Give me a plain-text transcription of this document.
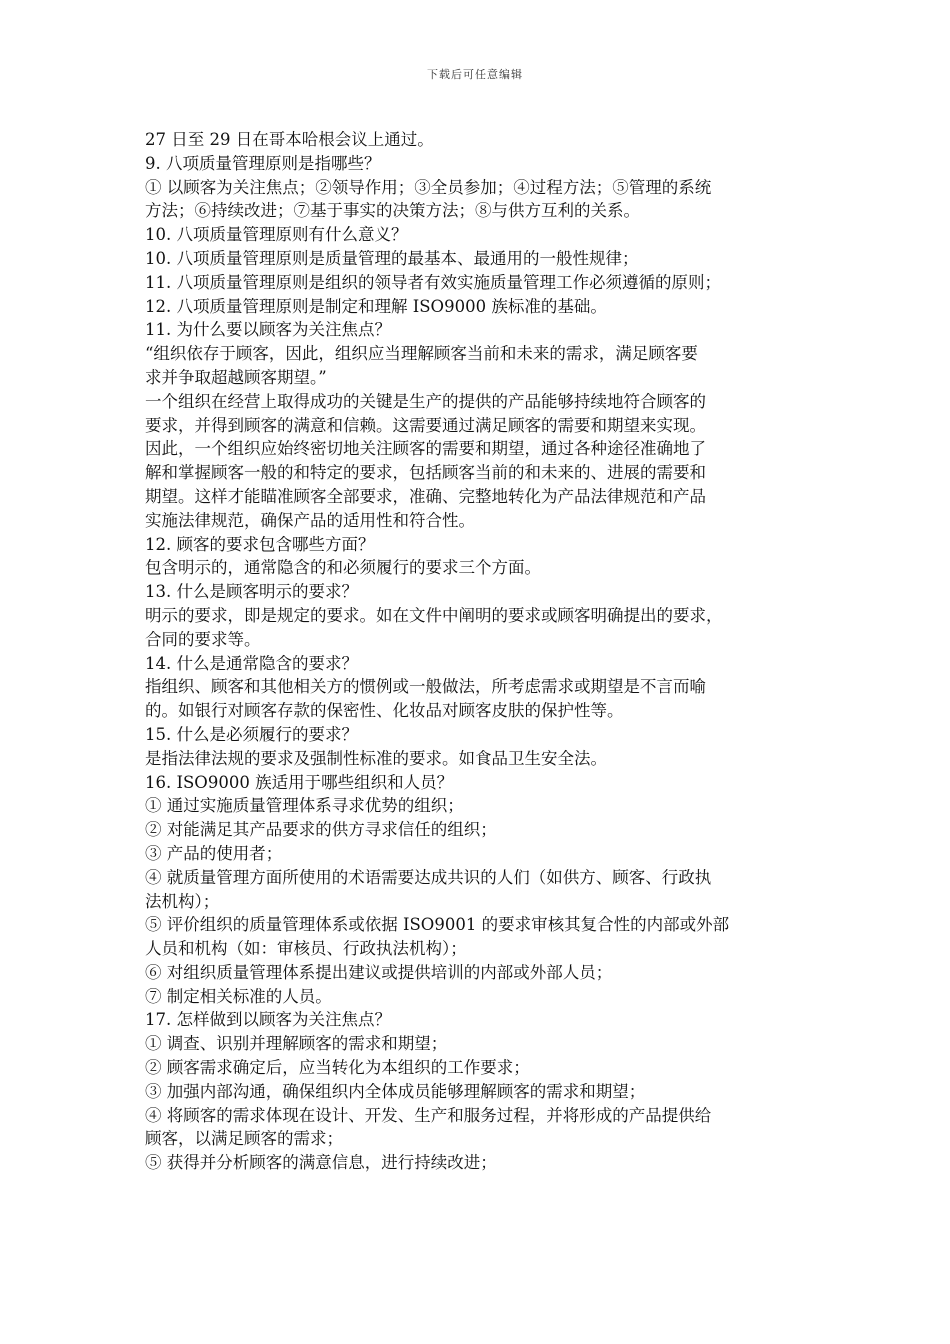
下载后可任意编辑
27 日至 29 日在哥本哈根会议上通过。
9. 八项质量管理原则是指哪些？
① 以顾客为关注焦点；②领导作用；③全员参加；④过程方法；⑤管理的系统
方法；⑥持续改进；⑦基于事实的决策方法；⑧与供方互利的关系。
10. 八项质量管理原则有什么意义？
10. 八项质量管理原则是质量管理的最基本、最通用的一般性规律；
11. 八项质量管理原则是组织的领导者有效实施质量管理工作必须遵循的原则；
12. 八项质量管理原则是制定和理解 ISO9000 族标准的基础。
11. 为什么要以顾客为关注焦点？
“组织依存于顾客，因此，组织应当理解顾客当前和未来的需求，满足顾客要
求并争取超越顾客期望。”
一个组织在经营上取得成功的关键是生产的提供的产品能够持续地符合顾客的
要求，并得到顾客的满意和信赖。这需要通过满足顾客的需要和期望来实现。
因此，一个组织应始终密切地关注顾客的需要和期望，通过各种途径准确地了
解和掌握顾客一般的和特定的要求，包括顾客当前的和未来的、进展的需要和
期望。这样才能瞄准顾客全部要求，准确、完整地转化为产品法律规范和产品
实施法律规范，确保产品的适用性和符合性。
12. 顾客的要求包含哪些方面？
包含明示的，通常隐含的和必须履行的要求三个方面。
13. 什么是顾客明示的要求？
明示的要求，即是规定的要求。如在文件中阐明的要求或顾客明确提出的要求，
合同的要求等。
14. 什么是通常隐含的要求？
指组织、顾客和其他相关方的惯例或一般做法，所考虑需求或期望是不言而喻
的。如银行对顾客存款的保密性、化妆品对顾客皮肤的保护性等。
15. 什么是必须履行的要求？
是指法律法规的要求及强制性标准的要求。如食品卫生安全法。
16. ISO9000 族适用于哪些组织和人员？
① 通过实施质量管理体系寻求优势的组织；
② 对能满足其产品要求的供方寻求信任的组织；
③ 产品的使用者；
④ 就质量管理方面所使用的术语需要达成共识的人们（如供方、顾客、行政执
法机构）；
⑤ 评价组织的质量管理体系或依据 ISO9001 的要求审核其复合性的内部或外部
人员和机构（如：审核员、行政执法机构）；
⑥ 对组织质量管理体系提出建议或提供培训的内部或外部人员；
⑦ 制定相关标准的人员。
17. 怎样做到以顾客为关注焦点？
① 调查、识别并理解顾客的需求和期望；
② 顾客需求确定后，应当转化为本组织的工作要求；
③ 加强内部沟通，确保组织内全体成员能够理解顾客的需求和期望；
④ 将顾客的需求体现在设计、开发、生产和服务过程，并将形成的产品提供给
顾客，以满足顾客的需求；
⑤ 获得并分析顾客的满意信息，进行持续改进；
